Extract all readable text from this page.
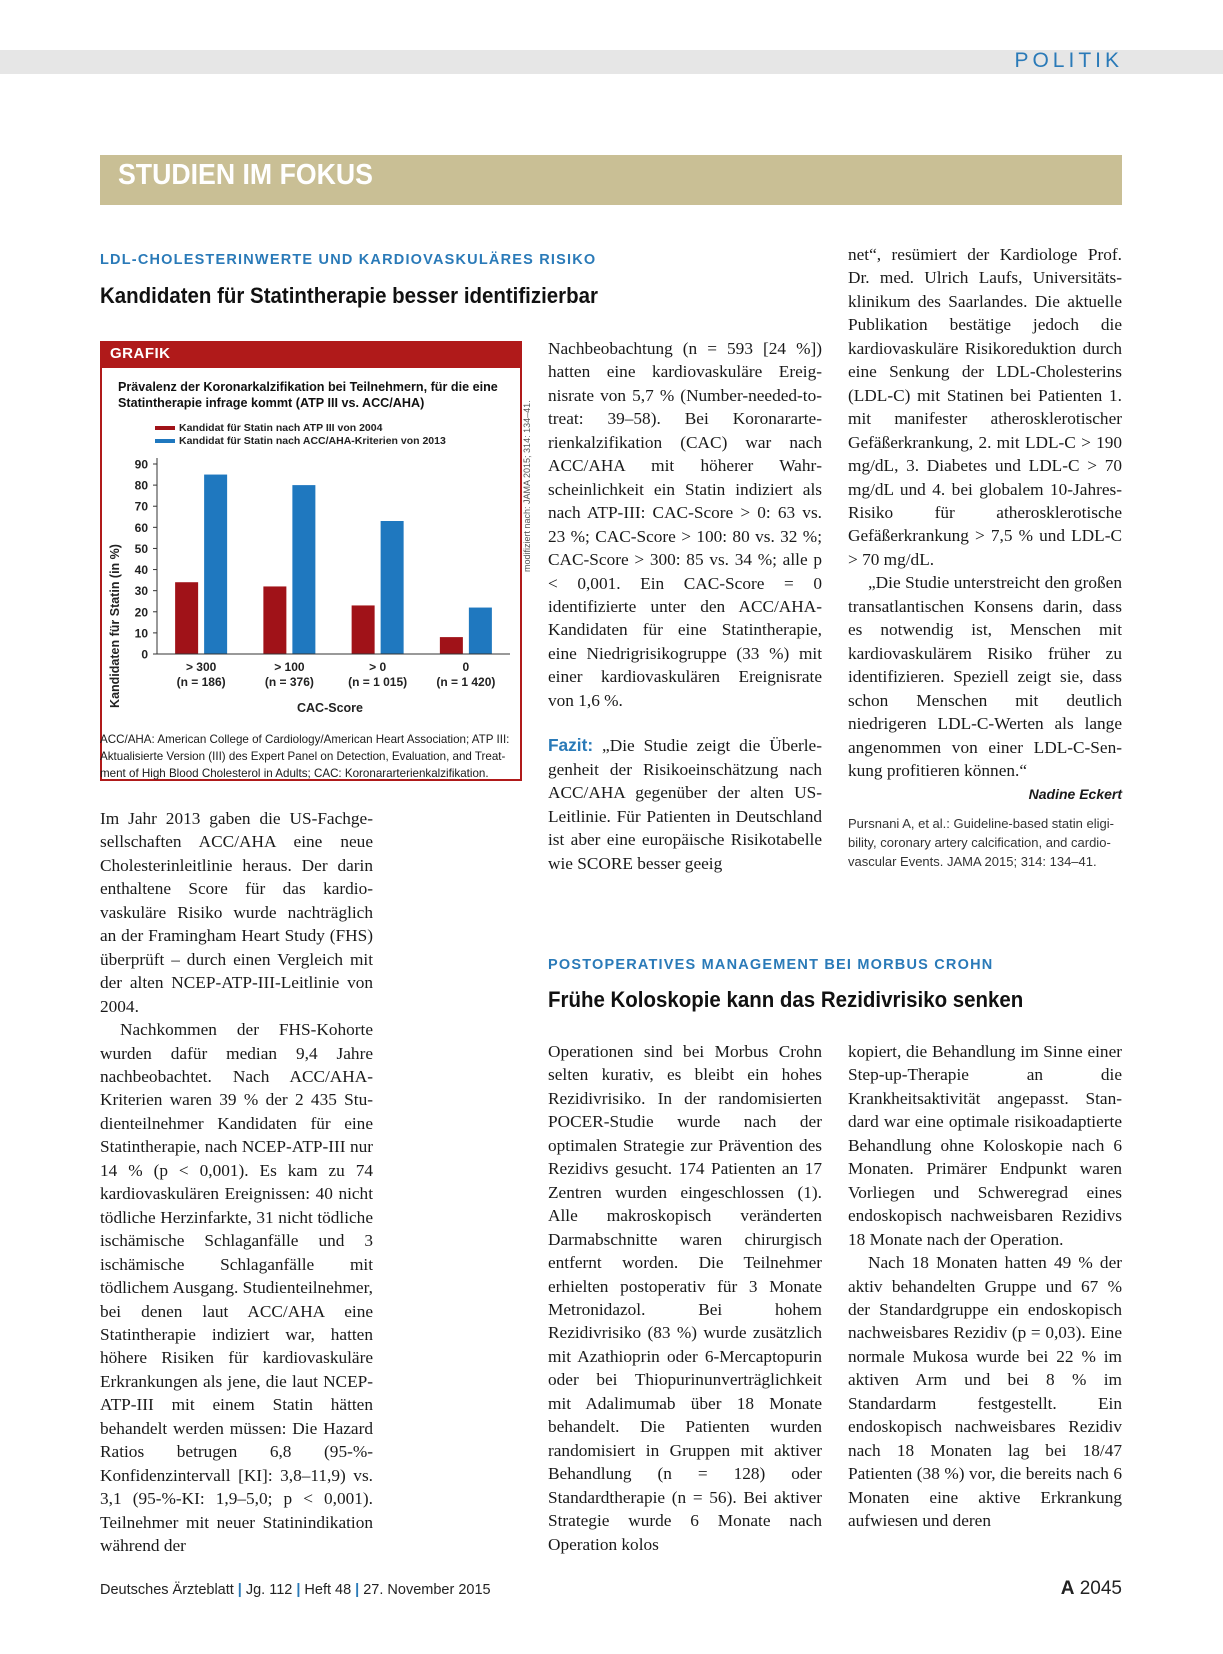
POLITIK
STUDIEN IM FOKUS
LDL-CHOLESTERINWERTE UND KARDIOVASKULÄRES RISIKO
Kandidaten für Statintherapie besser identifizierbar
GRAFIK
Prävalenz der Koronarkalzifikation bei Teilnehmern, für die eine Statintherapie infrage kommt (ATP III vs. ACC/AHA)
Kandidat für Statin nach ATP III von 2004
Kandidat für Statin nach ACC/AHA-Kriterien von 2013
Kandidaten für Statin (in %) 0
10
20
30
40
50
60
70
80
90
> 300
(n = 186)
> 100
(n = 376)
> 0
(n = 1 015)
0
(n = 1 420)
CAC-Score
ACC/AHA: American College of Cardiology/American Heart Association; ATP III: Aktualisierte Version (III) des Expert Panel on Detection, Evaluation, and Treatment of High Blood Cholesterol in Adults; CAC: Koronararterienkalzifikation.
modifiziert nach: JAMA 2015; 314: 134–41.

Im Jahr 2013 gaben die US-Fachgesellschaften ACC/AHA eine neue Cholesterinleitlinie heraus. Der darin enthaltene Score für das kardiovaskuläre Risiko wurde nachträglich an der Framingham Heart Study (FHS) überprüft – durch einen Vergleich mit der alten NCEP-ATP-III-Leitlinie von 2004.

Nachkommen der FHS-Kohorte wurden dafür median 9,4 Jahre nachbeobachtet. Nach ACC/AHA-Kriterien waren 39 % der 2 435 Studienteilnehmer Kandidaten für eine Statintherapie, nach NCEP-ATP-III nur 14 % (p < 0,001). Es kam zu 74 kardiovaskulären Ereignissen: 40 nicht tödliche Herzinfarkte, 31 nicht tödliche ischämische Schlaganfälle und 3 ischämische Schlaganfälle mit tödlichem Ausgang. Studienteilnehmer, bei denen laut ACC/AHA eine Statintherapie indiziert war, hatten höhere Risiken für kardiovaskuläre Erkrankungen als jene, die laut NCEP-ATP-III mit einem Statin hätten behandelt werden müssen: Die Hazard Ratios betrugen 6,8 (95-%-Konfidenzintervall [KI]: 3,8–11,9) vs. 3,1 (95-%-KI: 1,9–5,0; p < 0,001). Teilnehmer mit neuer Statinindikation während der

Nachbeobachtung (n = 593 [24 %]) hatten eine kardiovaskuläre Ereignisrate von 5,7 % (Number-needed-to-treat: 39–58). Bei Koronararterienkalzifikation (CAC) war nach ACC/AHA mit höherer Wahrscheinlichkeit ein Statin indiziert als nach ATP-III: CAC-Score > 0: 63 vs. 23 %; CAC-Score > 100: 80 vs. 32 %; CAC-Score > 300: 85 vs. 34 %; alle p < 0,001. Ein CAC-Score = 0 identifizierte unter den ACC/AHA-Kandidaten für eine Statintherapie, eine Niedrigrisikogruppe (33 %) mit einer kardiovaskulären Ereignisrate von 1,6 %.

Fazit: „Die Studie zeigt die Überlegenheit der Risikoeinschätzung nach ACC/AHA gegenüber der alten US-Leitlinie. Für Patienten in Deutschland ist aber eine europäische Risikotabelle wie SCORE besser geeig

net“, resümiert der Kardiologe Prof. Dr. med. Ulrich Laufs, Universitätsklinikum des Saarlandes. Die aktuelle Publikation bestätige jedoch die kardiovaskuläre Risikoreduktion durch eine Senkung der LDL-Cholesterins (LDL-C) mit Statinen bei Patienten 1. mit manifester atherosklerotischer Gefäßerkrankung, 2. mit LDL-C > 190 mg/dL, 3. Diabetes und LDL-C > 70 mg/dL und 4. bei globalem 10-Jahres-Risiko für atherosklerotische Gefäßerkrankung > 7,5 % und LDL-C > 70 mg/dL.

„Die Studie unterstreicht den großen transatlantischen Konsens darin, dass es notwendig ist, Menschen mit kardiovaskulärem Risiko früher zu identifizieren. Speziell zeigt sie, dass schon Menschen mit deutlich niedrigeren LDL-C-Werten als lange angenommen von einer LDL-C-Senkung profitieren können.“

Nadine Eckert
Pursnani A, et al.: Guideline-based statin eligibility, coronary artery calcification, and cardiovascular Events. JAMA 2015; 314: 134–41.
POSTOPERATIVES MANAGEMENT BEI MORBUS CROHN
Frühe Koloskopie kann das Rezidivrisiko senken

Operationen sind bei Morbus Crohn selten kurativ, es bleibt ein hohes Rezidivrisiko. In der randomisierten POCER-Studie wurde nach der optimalen Strategie zur Prävention des Rezidivs gesucht. 174 Patienten an 17 Zentren wurden eingeschlossen (1). Alle makroskopisch veränderten Darmabschnitte waren chirurgisch entfernt worden. Die Teilnehmer erhielten postoperativ für 3 Monate Metronidazol. Bei hohem Rezidivrisiko (83 %) wurde zusätzlich mit Azathioprin oder 6-Mercaptopurin oder bei Thiopurinunverträglichkeit mit Adalimumab über 18 Monate behandelt. Die Patienten wurden randomisiert in Gruppen mit aktiver Behandlung (n = 128) oder Standardtherapie (n = 56). Bei aktiver Strategie wurde 6 Monate nach Operation kolos

kopiert, die Behandlung im Sinne einer Step-up-Therapie an die Krankheitsaktivität angepasst. Standard war eine optimale risikoadaptierte Behandlung ohne Koloskopie nach 6 Monaten. Primärer Endpunkt waren Vorliegen und Schweregrad eines endoskopisch nachweisbaren Rezidivs 18 Monate nach der Operation.

Nach 18 Monaten hatten 49 % der aktiv behandelten Gruppe und 67 % der Standardgruppe ein endoskopisch nachweisbares Rezidiv (p = 0,03). Eine normale Mukosa wurde bei 22 % im aktiven Arm und bei 8 % im Standardarm festgestellt. Ein endoskopisch nachweisbares Rezidiv nach 18 Monaten lag bei 18/47 Patienten (38 %) vor, die bereits nach 6 Monaten eine aktive Erkrankung aufwiesen und deren

Deutsches Ärzteblatt | Jg. 112 | Heft 48 | 27. November 2015	A 2045
